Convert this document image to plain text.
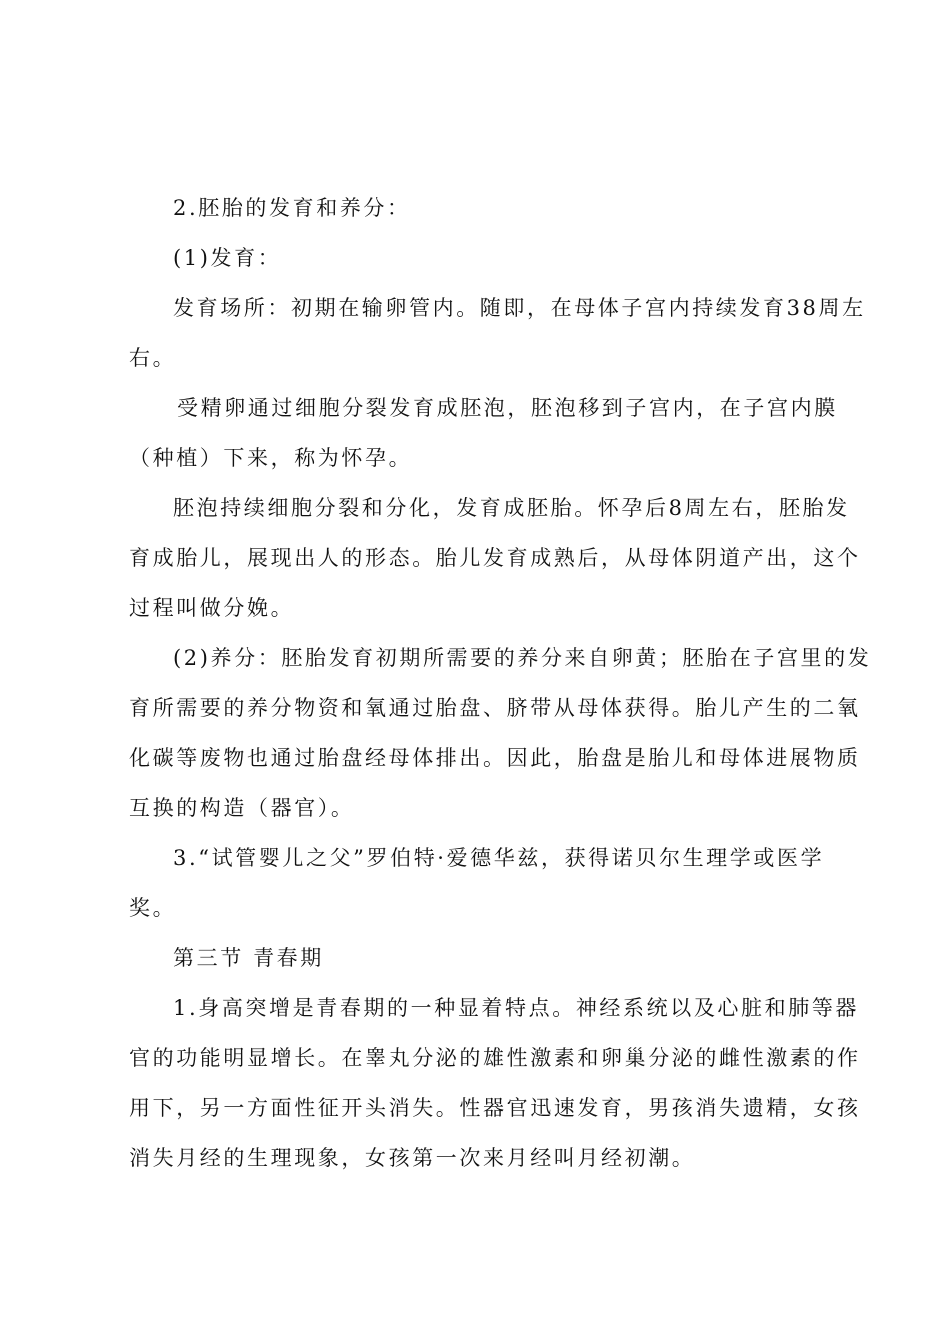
2.胚胎的发育和养分：
(1)发育：
发育场所：初期在输卵管内。随即，在母体子宫内持续发育38周左
右。
受精卵通过细胞分裂发育成胚泡，胚泡移到子宫内，在子宫内膜
（种植）下来，称为怀孕。
胚泡持续细胞分裂和分化，发育成胚胎。怀孕后8周左右，胚胎发
育成胎儿，展现出人的形态。胎儿发育成熟后，从母体阴道产出，这个
过程叫做分娩。
(2)养分：胚胎发育初期所需要的养分来自卵黄；胚胎在子宫里的发
育所需要的养分物资和氧通过胎盘、脐带从母体获得。胎儿产生的二氧
化碳等废物也通过胎盘经母体排出。因此，胎盘是胎儿和母体进展物质
互换的构造（器官）。
3.“试管婴儿之父”罗伯特·爱德华兹，获得诺贝尔生理学或医学
奖。
第三节 青春期
1.身高突增是青春期的一种显着特点。神经系统以及心脏和肺等器
官的功能明显增长。在睾丸分泌的雄性激素和卵巢分泌的雌性激素的作
用下，另一方面性征开头消失。性器官迅速发育，男孩消失遗精，女孩
消失月经的生理现象，女孩第一次来月经叫月经初潮。
